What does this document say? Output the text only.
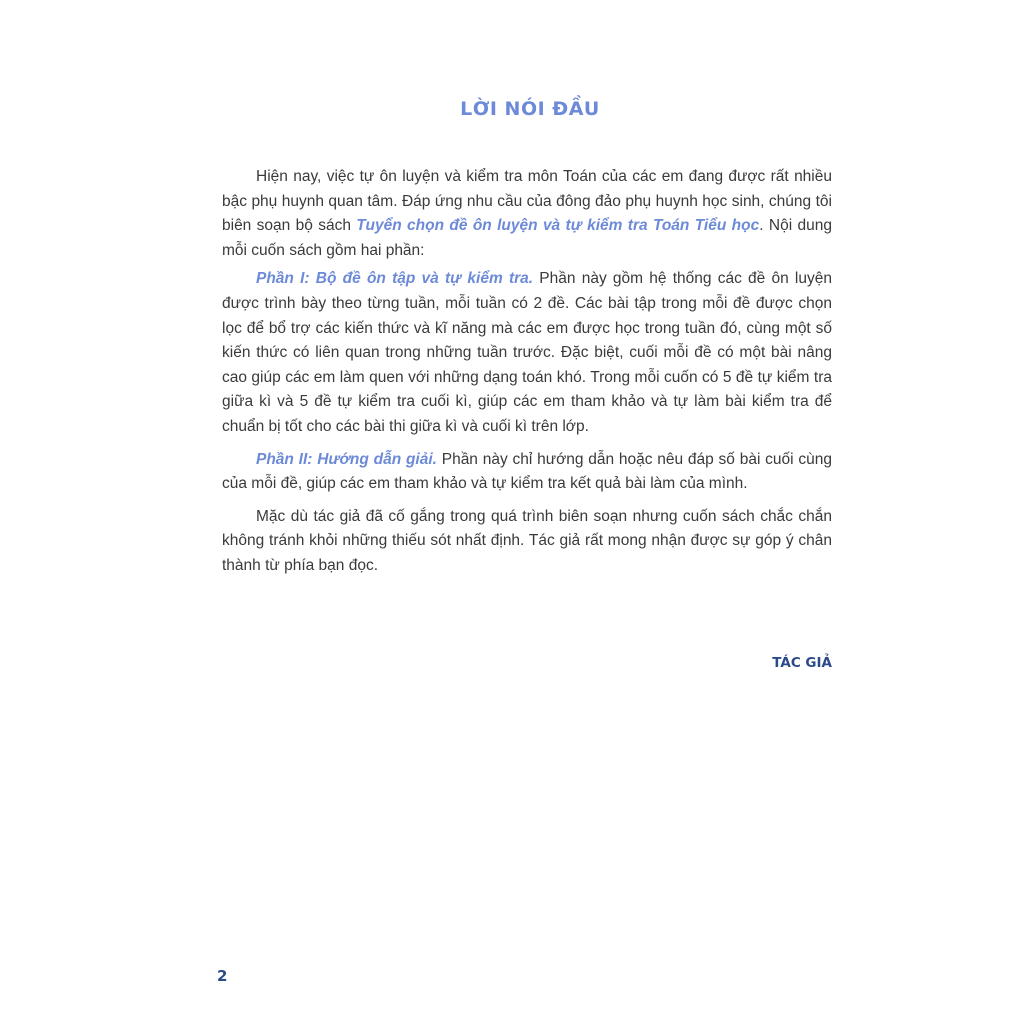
LỜI NÓI ĐẦU

Hiện nay, việc tự ôn luyện và kiểm tra môn Toán của các em đang được rất nhiều bậc phụ huynh quan tâm. Đáp ứng nhu cầu của đông đảo phụ huynh học sinh, chúng tôi biên soạn bộ sách Tuyển chọn đề ôn luyện và tự kiểm tra Toán Tiểu học. Nội dung mỗi cuốn sách gồm hai phần:

Phần I: Bộ đề ôn tập và tự kiểm tra. Phần này gồm hệ thống các đề ôn luyện được trình bày theo từng tuần, mỗi tuần có 2 đề. Các bài tập trong mỗi đề được chọn lọc để bổ trợ các kiến thức và kĩ năng mà các em được học trong tuần đó, cùng một số kiến thức có liên quan trong những tuần trước. Đặc biệt, cuối mỗi đề có một bài nâng cao giúp các em làm quen với những dạng toán khó. Trong mỗi cuốn có 5 đề tự kiểm tra giữa kì và 5 đề tự kiểm tra cuối kì, giúp các em tham khảo và tự làm bài kiểm tra để chuẩn bị tốt cho các bài thi giữa kì và cuối kì trên lớp.

Phần II: Hướng dẫn giải. Phần này chỉ hướng dẫn hoặc nêu đáp số bài cuối cùng của mỗi đề, giúp các em tham khảo và tự kiểm tra kết quả bài làm của mình.

Mặc dù tác giả đã cố gắng trong quá trình biên soạn nhưng cuốn sách chắc chắn không tránh khỏi những thiếu sót nhất định. Tác giả rất mong nhận được sự góp ý chân thành từ phía bạn đọc.

TÁC GIẢ
2
